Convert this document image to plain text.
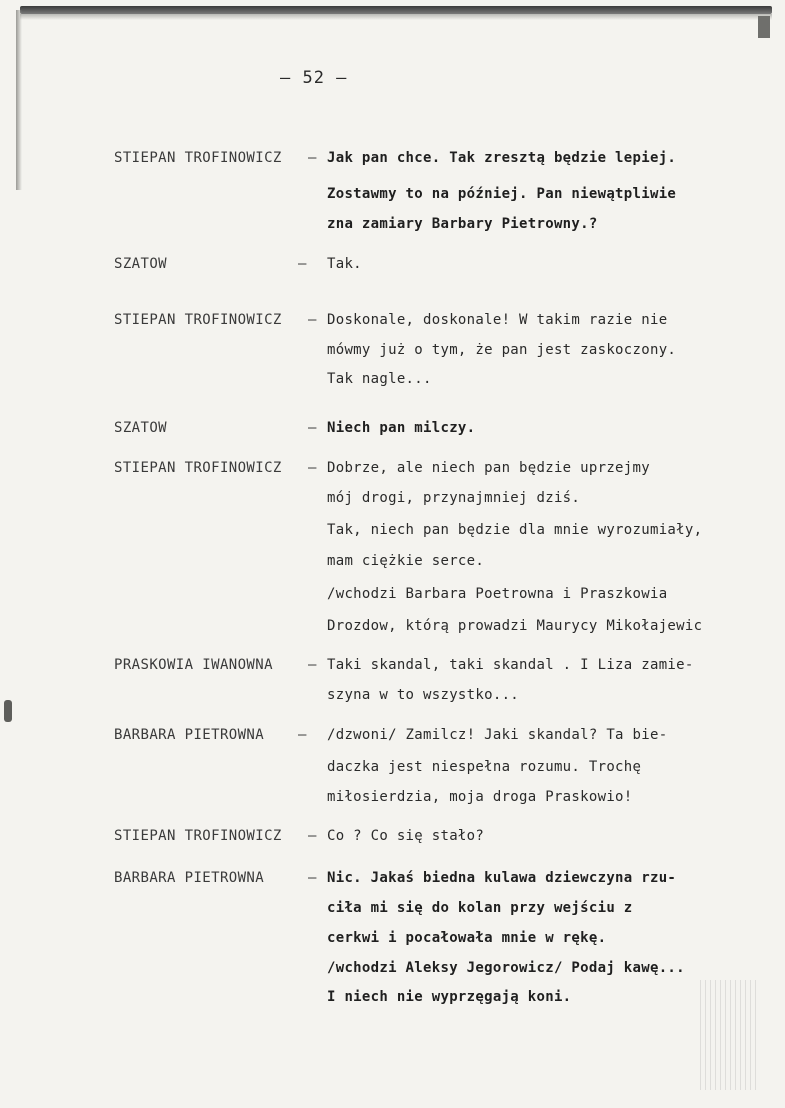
– 52 –
STIEPAN TROFINOWICZ – Jak pan chce. Tak zresztą będzie lepiej.
Zostawmy to na później. Pan niewątpliwie
zna zamiary Barbary Pietrowny.?
SZATOW	– Tak.
STIEPAN TROFINOWICZ – Doskonale, doskonale! W takim razie nie
mówmy już o tym, że pan jest zaskoczony.
Tak nagle...
SZATOW	– Niech pan milczy.
STIEPAN TROFINOWICZ – Dobrze, ale niech pan będzie uprzejmy
mój drogi, przynajmniej dziś.
Tak, niech pan będzie dla mnie wyrozumiały,
mam ciężkie serce.
/wchodzi Barbara Poetrowna i Praszkowia
Drozdow, którą prowadzi Maurycy Mikołajewic
PRASKOWIA IWANOWNA	– Taki skandal, taki skandal . I Liza zamie-
szyna w to wszystko...
BARBARA PIETROWNA – /dzwoni/ Zamilcz! Jaki skandal? Ta bie-
daczka jest niespełna rozumu. Trochę
miłosierdzia, moja droga Praskowio!
STIEPAN TROFINOWICZ – Co ? Co się stało?
BARBARA PIETROWNA	– Nic. Jakaś biedna kulawa dziewczyna rzu-
ciła mi się do kolan przy wejściu z
cerkwi i pocałowała mnie w rękę.
/wchodzi Aleksy Jegorowicz/ Podaj kawę...
I niech nie wyprzęgają koni.
